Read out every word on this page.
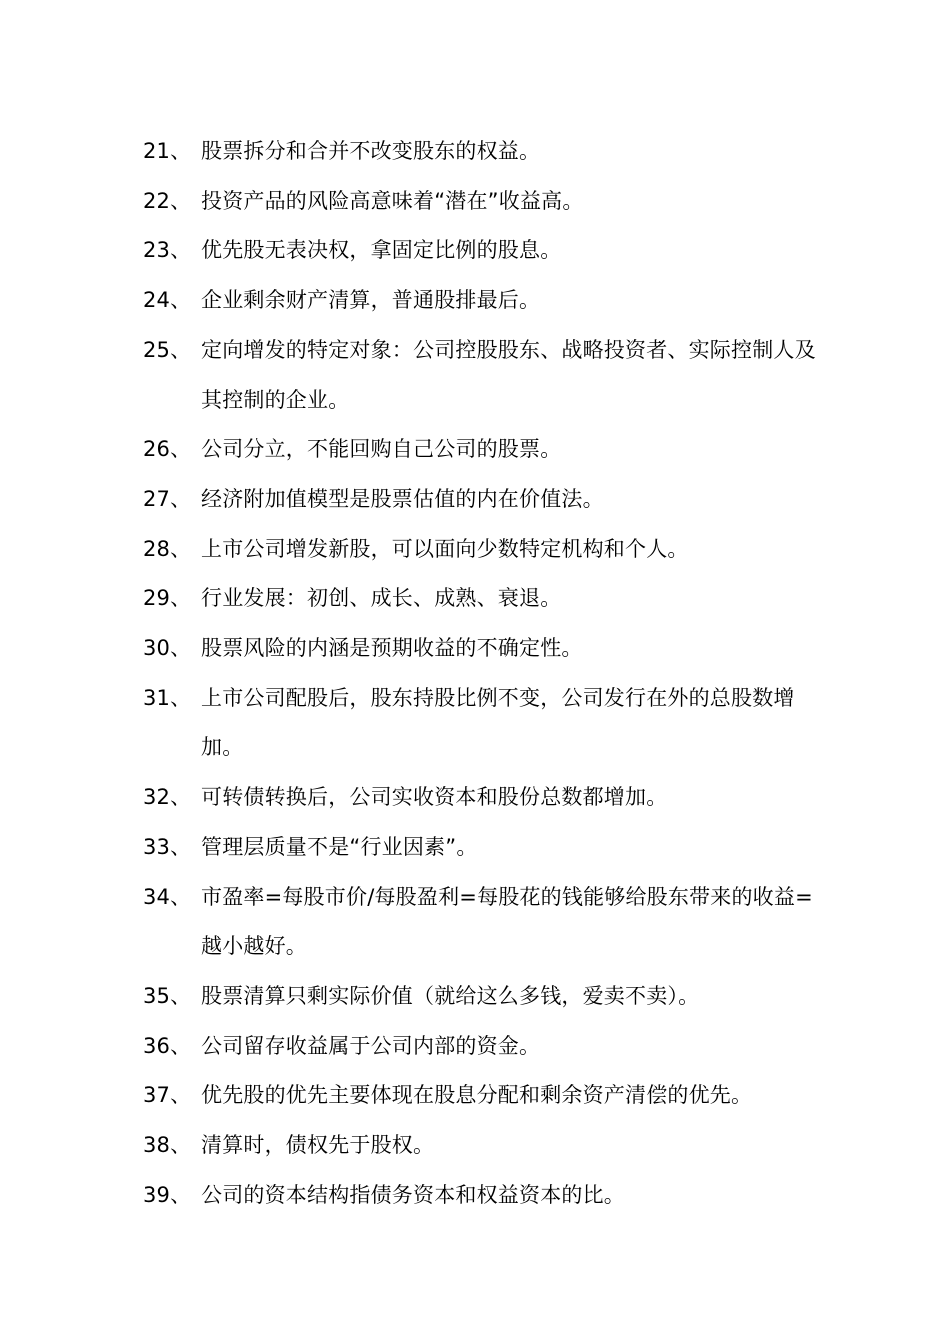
21、 股票拆分和合并不改变股东的权益。
22、 投资产品的风险高意味着“潜在”收益高。
23、 优先股无表决权，拿固定比例的股息。
24、 企业剩余财产清算，普通股排最后。
25、 定向增发的特定对象：公司控股股东、战略投资者、实际控制人及其控制的企业。
26、 公司分立，不能回购自己公司的股票。
27、 经济附加值模型是股票估值的内在价值法。
28、 上市公司增发新股，可以面向少数特定机构和个人。
29、 行业发展：初创、成长、成熟、衰退。
30、 股票风险的内涵是预期收益的不确定性。
31、 上市公司配股后，股东持股比例不变，公司发行在外的总股数增加。
32、 可转债转换后，公司实收资本和股份总数都增加。
33、 管理层质量不是“行业因素”。
34、 市盈率=每股市价/每股盈利=每股花的钱能够给股东带来的收益=越小越好。
35、 股票清算只剩实际价值（就给这么多钱，爱卖不卖）。
36、 公司留存收益属于公司内部的资金。
37、 优先股的优先主要体现在股息分配和剩余资产清偿的优先。
38、 清算时，债权先于股权。
39、 公司的资本结构指债务资本和权益资本的比。
